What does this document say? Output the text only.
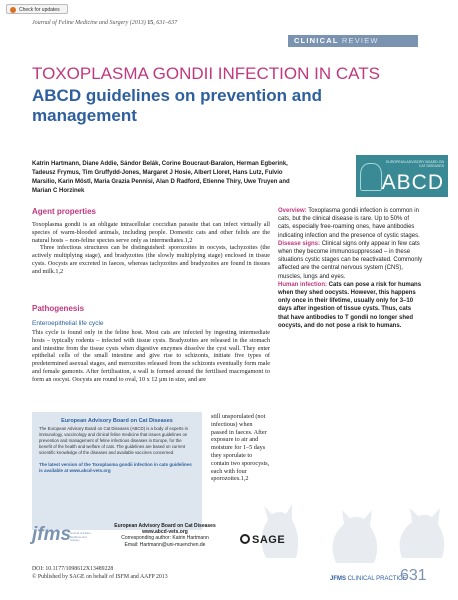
Check for updates
Journal of Feline Medicine and Surgery (2013) 15, 631–637
CLINICAL REVIEW
TOXOPLASMA GONDII INFECTION IN CATS
ABCD guidelines on prevention and management
Katrin Hartmann, Diane Addie, Sándor Belák, Corine Boucraut-Baralon, Herman Egberink, Tadeusz Frymus, Tim Gruffydd-Jones, Margaret J Hosie, Albert Lloret, Hans Lutz, Fulvio Marsilio, Karin Möstl, Maria Grazia Pennisi, Alan D Radford, Etienne Thiry, Uwe Truyen and Marian C Horzinek
EUROPEAN ADVISORY BOARD ON CAT DISEASES
ABCD
Agent properties

Toxoplasma gondii is an obligate intracellular coccidian parasite that can infect virtually all species of warm-blooded animals, including people. Domestic cats and other felids are the natural hosts – non-feline species serve only as intermediates.1,2

Three infectious structures can be distinguished: sporozoites in oocysts, tachyzoites (the actively multiplying stage), and bradyzoites (the slowly multiplying stage) enclosed in tissue cysts. Oocysts are excreted in faeces, whereas tachyzoites and bradyzoites are found in tissues and milk.1,2

Pathogenesis
Enteroepithelial life cycle
This cycle is found only in the feline host. Most cats are infected by ingesting intermediate hosts – typically rodents – infected with tissue cysts. Bradyzoites are released in the stomach and intestine from the tissue cysts when digestive enzymes dissolve the cyst wall. They enter epithelial cells of the small intestine and give rise to schizonts, initiate five types of predetermined asexual stages, and merozoites released from the schizonts eventually form male and female gamonts. After fertilisation, a wall is formed around the fertilised macrogamont to form an oocyst. Oocysts are round to oval, 10 x 12 µm in size, and are
still unsporulated (not infectious) when passed in faeces. After exposure to air and moisture for 1–5 days they sporulate to contain two sporocysts, each with four sporozoites.1,2
European Advisory Board on Cat Diseases
The European Advisory Board on Cat Diseases (ABCD) is a body of experts in immunology, vaccinology and clinical feline medicine that issues guidelines on prevention and management of feline infectious diseases in Europe, for the benefit of the health and welfare of cats. The guidelines are based on current scientific knowledge of the diseases and available vaccines concerned.
The latest version of the Toxoplasma gondii infection in cats guidelines is available at www.abcd-vets.org
Overview: Toxoplasma gondii infection is common in cats, but the clinical disease is rare. Up to 50% of cats, especially free-roaming ones, have antibodies indicating infection and the presence of cystic stages.
Disease signs: Clinical signs only appear in few cats when they become immunosuppressed – in these situations cystic stages can be reactivated. Commonly affected are the central nervous system (CNS), muscles, lungs and eyes.
Human infection: Cats can pose a risk for humans when they shed oocysts. However, this happens only once in their lifetime, usually only for 3–10 days after ingestion of tissue cysts. Thus, cats that have antibodies to T gondii no longer shed oocysts, and do not pose a risk to humans.
jfms
Journal of Feline Medicine and Surgery
European Advisory Board on Cat Diseases
www.abcd-vets.org
Corresponding author: Katrin Hartmann
Email: Hartmann@uni-muenchen.de	SAGE
DOI: 10.1177/1098612X13489228
© Published by SAGE on behalf of ISFM and AAFP 2013	JFMS CLINICAL PRACTICE
631
